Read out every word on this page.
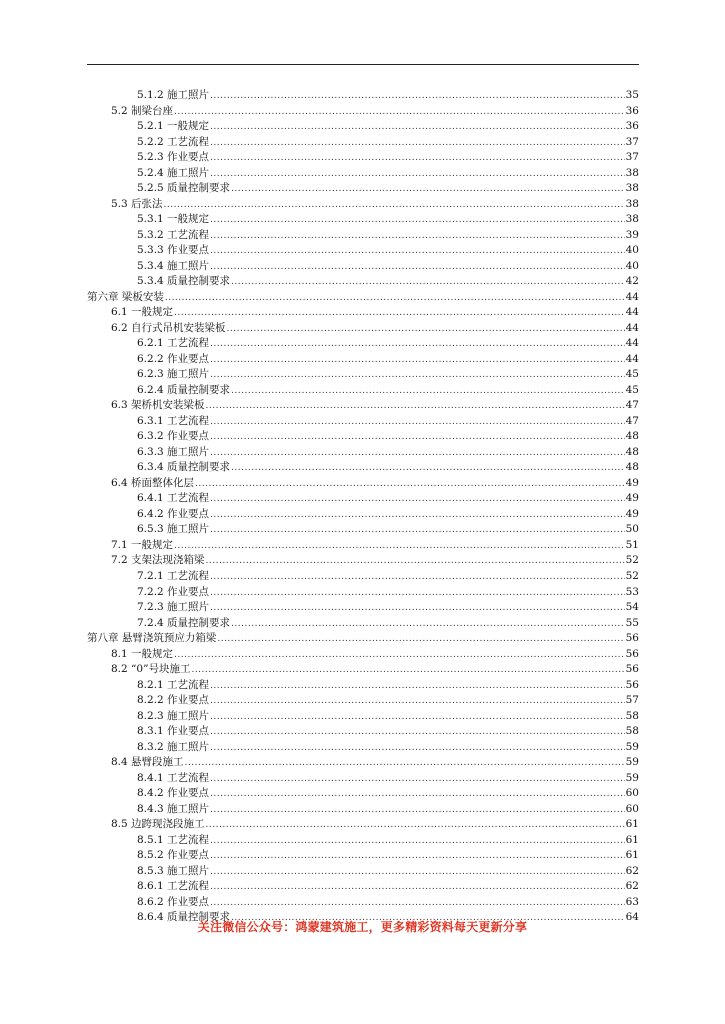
5.1.2 施工照片 .....	35
5.2 制梁台座 .....	36
5.2.1 一般规定 .....	36
5.2.2 工艺流程 .....	37
5.2.3 作业要点 .....	37
5.2.4 施工照片 .....	38
5.2.5 质量控制要求 .....	38
5.3 后张法 .....	38
5.3.1 一般规定 .....	38
5.3.2 工艺流程 .....	39
5.3.3 作业要点 .....	40
5.3.4 施工照片 .....	40
5.3.4 质量控制要求 .....	42
第六章 梁板安装 .....	44
6.1 一般规定 .....	44
6.2 自行式吊机安装梁板 .....	44
6.2.1 工艺流程 .....	44
6.2.2 作业要点 .....	44
6.2.3 施工照片 .....	45
6.2.4 质量控制要求 .....	45
6.3 架桥机安装梁板 .....	47
6.3.1 工艺流程 .....	47
6.3.2 作业要点 .....	48
6.3.3 施工照片 .....	48
6.3.4 质量控制要求 .....	48
6.4 桥面整体化层 .....	49
6.4.1 工艺流程 .....	49
6.4.2 作业要点 .....	49
6.5.3 施工照片 .....	50
7.1 一般规定 .....	51
7.2 支架法现浇箱梁 .....	52
7.2.1 工艺流程 .....	52
7.2.2 作业要点 .....	53
7.2.3 施工照片 .....	54
7.2.4 质量控制要求 .....	55
第八章 悬臂浇筑预应力箱梁 .....	56
8.1 一般规定 .....	56
8.2 “0”号块施工 .....	56
8.2.1 工艺流程 .....	56
8.2.2 作业要点 .....	57
8.2.3 施工照片 .....	58
8.3.1 作业要点 .....	58
8.3.2 施工照片 .....	59
8.4 悬臂段施工 .....	59
8.4.1 工艺流程 .....	59
8.4.2 作业要点 .....	60
8.4.3 施工照片 .....	60
8.5 边跨现浇段施工 .....	61
8.5.1 工艺流程 .....	61
8.5.2 作业要点 .....	61
8.5.3 施工照片 .....	62
8.6.1 工艺流程 .....	62
8.6.2 作业要点 .....	63
8.6.4 质量控制要求 .....	64
关注微信公众号：鸿蒙建筑施工，更多精彩资料每天更新分享
